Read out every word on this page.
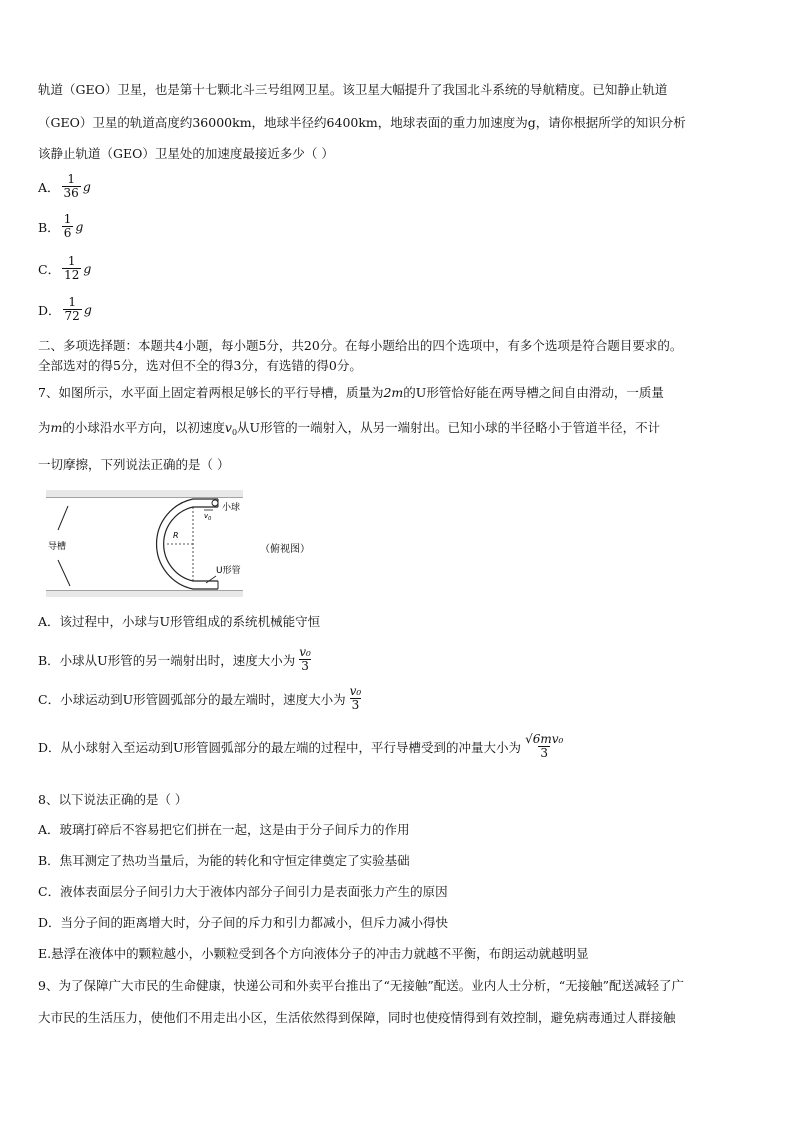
轨道（GEO）卫星，也是第十七颗北斗三号组网卫星。该卫星大幅提升了我国北斗系统的导航精度。已知静止轨道
（GEO）卫星的轨道高度约36000km，地球半径约6400km，地球表面的重力加速度为g，请你根据所学的知识分析
该静止轨道（GEO）卫星处的加速度最接近多少（ ）
A． $\frac{1}{36}$ g
B． $\frac{1}{6}$ g
C． $\frac{1}{12}$ g
D． $\frac{1}{72}$ g
二、多项选择题：本题共4小题，每小题5分，共20分。在每小题给出的四个选项中，有多个选项是符合题目要求的。
全部选对的得5分，选对但不全的得3分，有选错的得0分。
7、如图所示，水平面上固定着两根足够长的平行导槽，质量为2m的U形管恰好能在两导槽之间自由滑动，一质量
为m的小球沿水平方向，以初速度$v_0$从U形管的一端射入，从另一端射出。已知小球的半径略小于管道半径，不计
一切摩擦，下列说法正确的是（ ）
导槽
$v_0$
小球
R
U形管
（俯视图）
A．该过程中，小球与U形管组成的系统机械能守恒
B．小球从U形管的另一端射出时，速度大小为 $\frac{\text{v₀}}{3}$
C．小球运动到U形管圆弧部分的最左端时，速度大小为 $\frac{\text{v₀}}{3}$
D．从小球射入至运动到U形管圆弧部分的最左端的过程中，平行导槽受到的冲量大小为 $\frac{\text{√6mv₀}}{3}$
8、以下说法正确的是（ ）
A．玻璃打碎后不容易把它们拼在一起，这是由于分子间斥力的作用
B．焦耳测定了热功当量后，为能的转化和守恒定律奠定了实验基础
C．液体表面层分子间引力大于液体内部分子间引力是表面张力产生的原因
D．当分子间的距离增大时，分子间的斥力和引力都减小，但斥力减小得快
E.悬浮在液体中的颗粒越小，小颗粒受到各个方向液体分子的冲击力就越不平衡，布朗运动就越明显
9、为了保障广大市民的生命健康，快递公司和外卖平台推出了“无接触”配送。业内人士分析，“无接触”配送减轻了广
大市民的生活压力，使他们不用走出小区，生活依然得到保障，同时也使疫情得到有效控制，避免病毒通过人群接触
